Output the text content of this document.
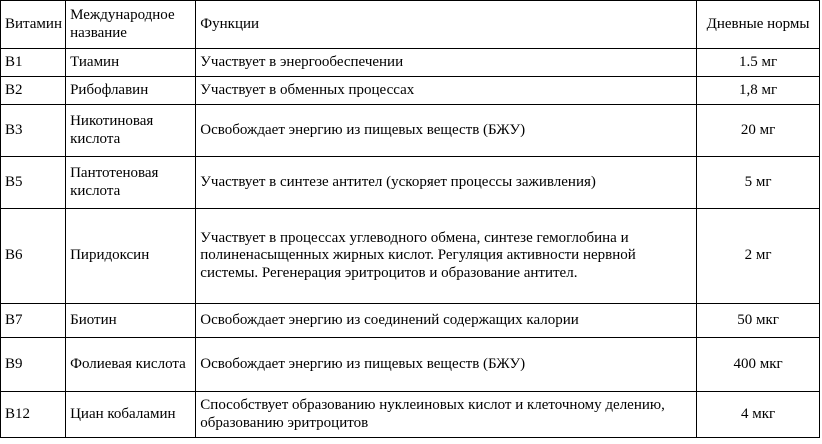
Витамин	Международное название	Функции	Дневные нормы
B1	Тиамин	Участвует в энергообеспечении	1.5 мг
B2	Рибофлавин	Участвует в обменных процессах	1,8 мг
B3	Никотиновая кислота	Освобождает энергию из пищевых веществ (БЖУ)	20 мг
B5	Пантотеновая кислота	Участвует в синтезе антител (ускоряет процессы заживления)	5 мг
B6	Пиридоксин	Участвует в процессах углеводного обмена, синтезе гемоглобина и полиненасыщенных жирных кислот. Регуляция активности нервной системы. Регенерация эритроцитов и образование антител.	2 мг
B7	Биотин	Освобождает энергию из соединений содержащих калории	50 мкг
B9	Фолиевая кислота	Освобождает энергию из пищевых веществ (БЖУ)	400 мкг
B12	Циан кобаламин	Способствует образованию нуклеиновых кислот и клеточному делению, образованию эритроцитов	4 мкг
